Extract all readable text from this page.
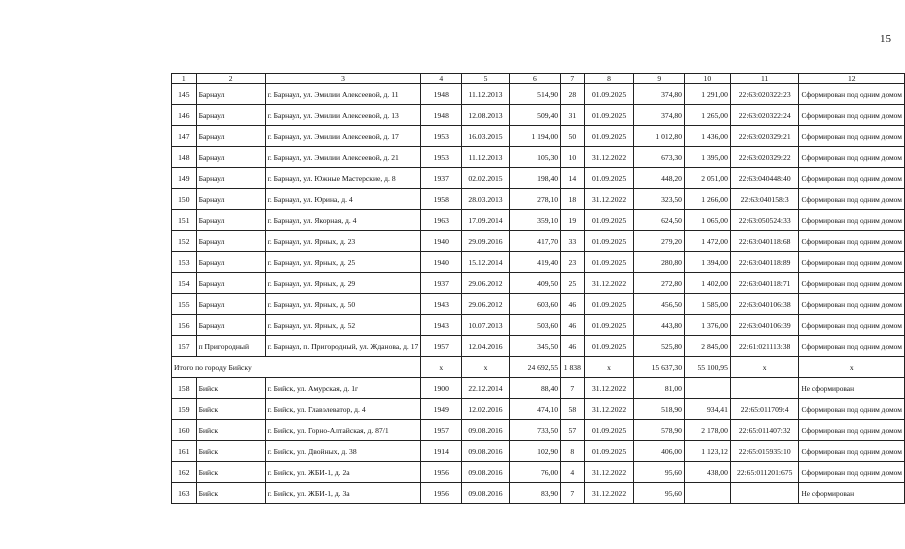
15
1	2	3	4	5	6	7	8	9	10	11	12
145	Барнаул	г. Барнаул, ул. Эмилии Алексеевой, д. 11	1948	11.12.2013	514,90	28	01.09.2025	374,80	1 291,00	22:63:020322:23	Сформирован под одним домом
146	Барнаул	г. Барнаул, ул. Эмилии Алексеевой, д. 13	1948	12.08.2013	509,40	31	01.09.2025	374,80	1 265,00	22:63:020322:24	Сформирован под одним домом
147	Барнаул	г. Барнаул, ул. Эмилии Алексеевой, д. 17	1953	16.03.2015	1 194,00	50	01.09.2025	1 012,80	1 436,00	22:63:020329:21	Сформирован под одним домом
148	Барнаул	г. Барнаул, ул. Эмилии Алексеевой, д. 21	1953	11.12.2013	105,30	10	31.12.2022	673,30	1 395,00	22:63:020329:22	Сформирован под одним домом
149	Барнаул	г. Барнаул, ул. Южные Мастерские, д. 8	1937	02.02.2015	198,40	14	01.09.2025	448,20	2 051,00	22:63:040448:40	Сформирован под одним домом
150	Барнаул	г. Барнаул, ул. Юрина, д. 4	1958	28.03.2013	278,10	18	31.12.2022	323,50	1 266,00	22:63:040158:3	Сформирован под одним домом
151	Барнаул	г. Барнаул, ул. Якорная, д. 4	1963	17.09.2014	359,10	19	01.09.2025	624,50	1 065,00	22:63:050524:33	Сформирован под одним домом
152	Барнаул	г. Барнаул, ул. Ярных, д. 23	1940	29.09.2016	417,70	33	01.09.2025	279,20	1 472,00	22:63:040118:68	Сформирован под одним домом
153	Барнаул	г. Барнаул, ул. Ярных, д. 25	1940	15.12.2014	419,40	23	01.09.2025	280,80	1 394,00	22:63:040118:89	Сформирован под одним домом
154	Барнаул	г. Барнаул, ул. Ярных, д. 29	1937	29.06.2012	409,50	25	31.12.2022	272,80	1 402,00	22:63:040118:71	Сформирован под одним домом
155	Барнаул	г. Барнаул, ул. Ярных, д. 50	1943	29.06.2012	603,60	46	01.09.2025	456,50	1 585,00	22:63:040106:38	Сформирован под одним домом
156	Барнаул	г. Барнаул, ул. Ярных, д. 52	1943	10.07.2013	503,60	46	01.09.2025	443,80	1 376,00	22:63:040106:39	Сформирован под одним домом
157	п Пригородный	г. Барнаул, п. Пригородный, ул. Жданова, д. 17	1957	12.04.2016	345,50	46	01.09.2025	525,80	2 845,00	22:61:021113:38	Сформирован под одним домом
Итого по городу Бийску			х	х	24 692,55	1 838	х	15 637,30	55 100,95	х	х
158	Бийск	г. Бийск, ул. Амурская, д. 1г	1900	22.12.2014	88,40	7	31.12.2022	81,00			Не сформирован
159	Бийск	г. Бийск, ул. Главэлеватор, д. 4	1949	12.02.2016	474,10	58	31.12.2022	518,90	934,41	22:65:011709:4	Сформирован под одним домом
160	Бийск	г. Бийск, ул. Горно-Алтайская, д. 87/1	1957	09.08.2016	733,50	57	01.09.2025	578,90	2 178,00	22:65:011407:32	Сформирован под одним домом
161	Бийск	г. Бийск, ул. Двойных, д. 38	1914	09.08.2016	102,90	8	01.09.2025	406,00	1 123,12	22:65:015935:10	Сформирован под одним домом
162	Бийск	г. Бийск, ул. ЖБИ-1, д. 2а	1956	09.08.2016	76,00	4	31.12.2022	95,60	438,00	22:65:011201:675	Сформирован под одним домом
163	Бийск	г. Бийск, ул. ЖБИ-1, д. 3а	1956	09.08.2016	83,90	7	31.12.2022	95,60			Не сформирован
